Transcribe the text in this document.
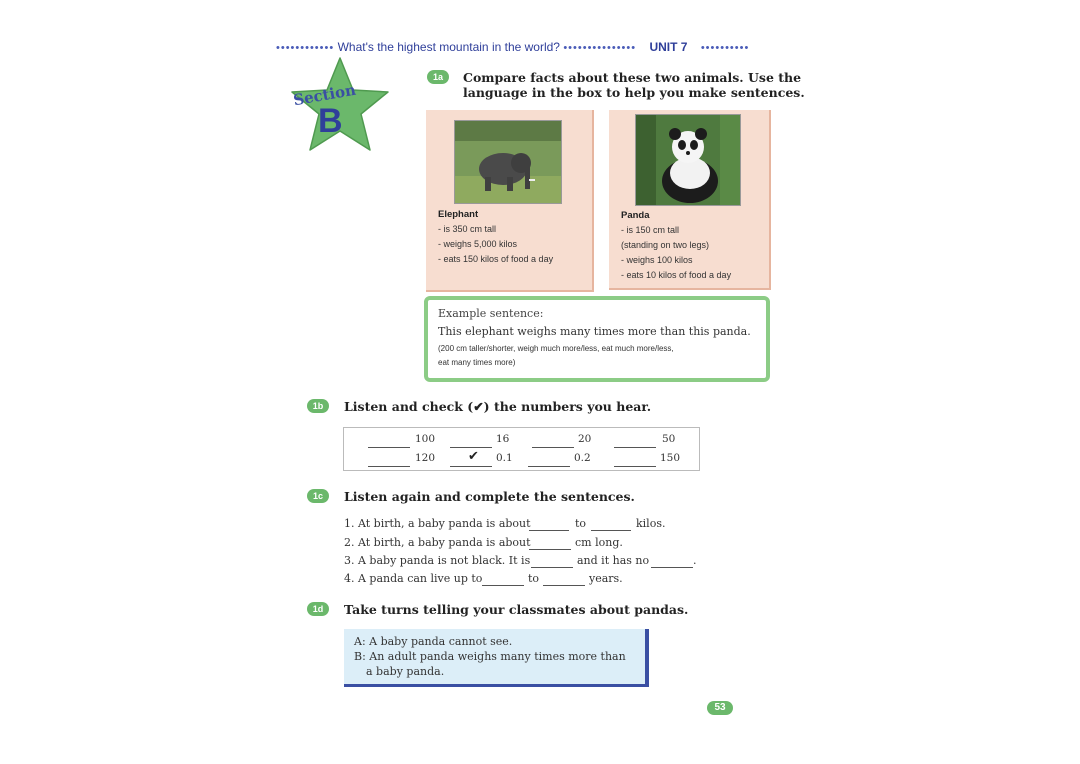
•••••••••••• What's the highest mountain in the world? ••••••••••••••• UNIT 7 ••••••••••
Section
B
1a	Compare facts about these two animals. Use the
language in the box to help you make sentences.
Elephant
- is 350 cm tall
- weighs 5,000 kilos
- eats 150 kilos of food a day
Panda
- is 150 cm tall
(standing on two legs)
- weighs 100 kilos
- eats 10 kilos of food a day
Example sentence:
This elephant weighs many times more than this panda.
(200 cm taller/shorter, weigh much more/less, eat much more/less,
eat many times more)
1b	Listen and check (✔) the numbers you hear.
100	16	20	50
120	✔ 0.1	0.2	150
1c	Listen again and complete the sentences.
1. At birth, a baby panda is about	to	kilos.
2. At birth, a baby panda is about	cm long.
3. A baby panda is not black. It is	and it has no	.
4. A panda can live up to	to	years.
1d	Take turns telling your classmates about pandas.
A: A baby panda cannot see.
B: An adult panda weighs many times more than
a baby panda.
53
